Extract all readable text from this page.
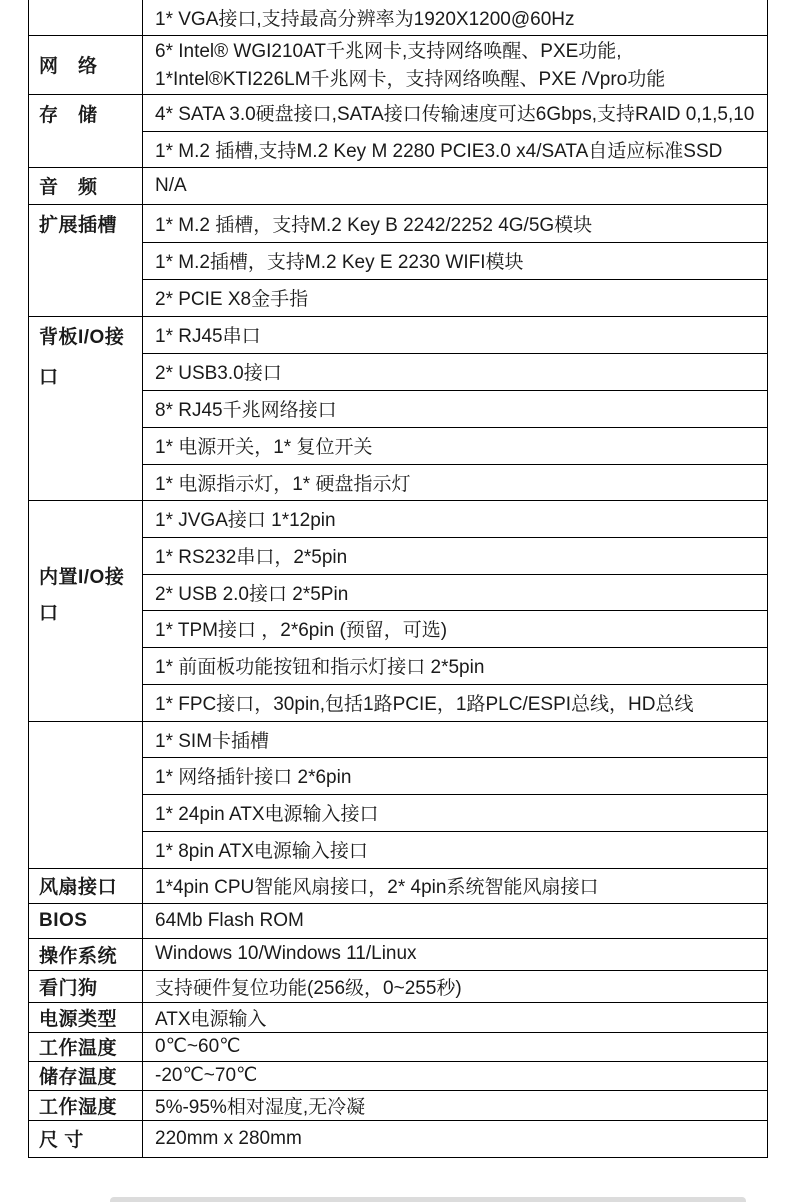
	1* VGA接口,支持最高分辨率为1920X1200@60Hz
网　络	6* Intel® WGI210AT千兆网卡,支持网络唤醒、PXE功能,
1*Intel®KTI226LM千兆网卡，支持网络唤醒、PXE /Vpro功能

存　储	4* SATA 3.0硬盘接口,SATA接口传输速度可达6Gbps,支持RAID 0,1,5,10
	1* M.2 插槽,支持M.2 Key M 2280 PCIE3.0 x4/SATA自适应标准SSD
音　频	N/A
扩展插槽	1* M.2 插槽，支持M.2 Key B 2242/2252 4G/5G模块
	1* M.2插槽，支持M.2 Key E 2230 WIFI模块
	2* PCIE X8金手指
背板I/O接口	1* RJ45串口
	2* USB3.0接口
	8* RJ45千兆网络接口
	1* 电源开关，1* 复位开关
	1* 电源指示灯，1* 硬盘指示灯
内置I/O接口	1* JVGA接口 1*12pin
	1* RS232串口，2*5pin
	2* USB 2.0接口 2*5Pin
	1* TPM接口 ，2*6pin (预留，可选)
	1* 前面板功能按钮和指示灯接口 2*5pin
	1* FPC接口，30pin,包括1路PCIE，1路PLC/ESPI总线，HD总线
	1* SIM卡插槽
	1* 网络插针接口 2*6pin
	1* 24pin ATX电源输入接口
	1* 8pin ATX电源输入接口
风扇接口	1*4pin CPU智能风扇接口，2* 4pin系统智能风扇接口
BIOS	64Mb Flash ROM
操作系统	Windows 10/Windows 11/Linux
看门狗	支持硬件复位功能(256级，0~255秒)
电源类型	ATX电源输入
工作温度	0℃~60℃
储存温度	-20℃~70℃
工作湿度	5%-95%相对湿度,无冷凝
尺 寸	220mm x 280mm
